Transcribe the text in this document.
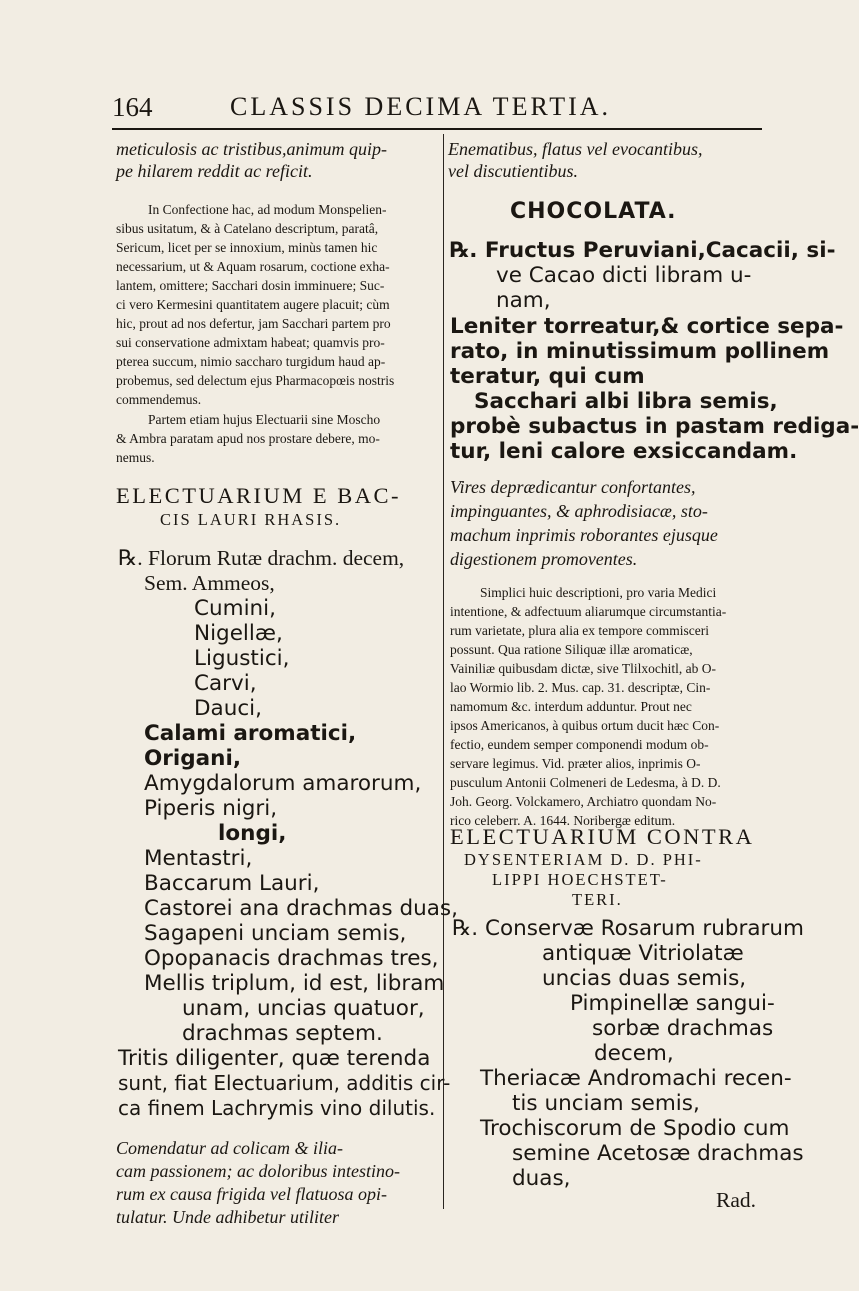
164	CLASSIS DECIMA TERTIA.
meticulosis ac tristibus,animum quip-
pe hilarem reddit ac reficit.
In Confectione hac, ad modum Monspelien-
sibus usitatum, & à Catelano descriptum, paratâ,
Sericum, licet per se innoxium, minùs tamen hic
necessarium, ut & Aquam rosarum, coctione exha-
lantem, omittere; Sacchari dosin imminuere; Suc-
ci vero Kermesini quantitatem augere placuit; cùm
hic, prout ad nos defertur, jam Sacchari partem pro
sui conservatione admixtam habeat; quamvis pro-
pterea succum, nimio saccharo turgidum haud ap-
probemus, sed delectum ejus Pharmacopœis nostris
commendemus.
Partem etiam hujus Electuarii sine Moscho
& Ambra paratam apud nos prostare debere, mo-
nemus.
ELECTUARIUM E BAC-
CIS LAURI RHASIS.
℞. Florum Rutæ drachm. decem,
Sem. Ammeos,
Cumini,
Nigellæ,
Ligustici,
Carvi,
Dauci,
Calami aromatici,
Origani,
Amygdalorum amarorum,
Piperis nigri,
longi,
Mentastri,
Baccarum Lauri,
Castorei ana drachmas duas,
Sagapeni unciam semis,
Opopanacis drachmas tres,
Mellis triplum, id est, libram
unam, uncias quatuor,
drachmas septem.
Tritis diligenter, quæ terenda
sunt, fiat Electuarium, additis cir-
ca finem Lachrymis vino dilutis.
Comendatur ad colicam & ilia-
cam passionem; ac doloribus intestino-
rum ex causa frigida vel flatuosa opi-
tulatur. Unde adhibetur utiliter
Enematibus, flatus vel evocantibus,
vel discutientibus.
CHOCOLATA.
℞. Fructus Peruviani,Cacacii, si-
ve Cacao dicti libram u-
nam,
Leniter torreatur,& cortice sepa-
rato, in minutissimum pollinem
teratur, qui cum
Sacchari albi libra semis,
probè subactus in pastam rediga-
tur, leni calore exsiccandam.
Vires deprædicantur confortantes,
impinguantes, & aphrodisiacæ, sto-
machum inprimis roborantes ejusque
digestionem promoventes.
Simplici huic descriptioni, pro varia Medici
intentione, & adfectuum aliarumque circumstantia-
rum varietate, plura alia ex tempore commisceri
possunt. Qua ratione Siliquæ illæ aromaticæ,
Vainiliæ quibusdam dictæ, sive Tlilxochitl, ab O-
lao Wormio lib. 2. Mus. cap. 31. descriptæ, Cin-
namomum &c. interdum adduntur. Prout nec
ipsos Americanos, à quibus ortum ducit hæc Con-
fectio, eundem semper componendi modum ob-
servare legimus. Vid. præter alios, inprimis O-
pusculum Antonii Colmeneri de Ledesma, à D. D.
Joh. Georg. Volckamero, Archiatro quondam No-
rico celeberr. A. 1644. Noribergæ editum.
ELECTUARIUM CONTRA
DYSENTERIAM D. D. PHI-
LIPPI HOECHSTET-
TERI.
℞. Conservæ Rosarum rubrarum
antiquæ Vitriolatæ
uncias duas semis,
Pimpinellæ sangui-
sorbæ drachmas
decem,
Theriacæ Andromachi recen-
tis unciam semis,
Trochiscorum de Spodio cum
semine Acetosæ drachmas
duas,
Rad.
